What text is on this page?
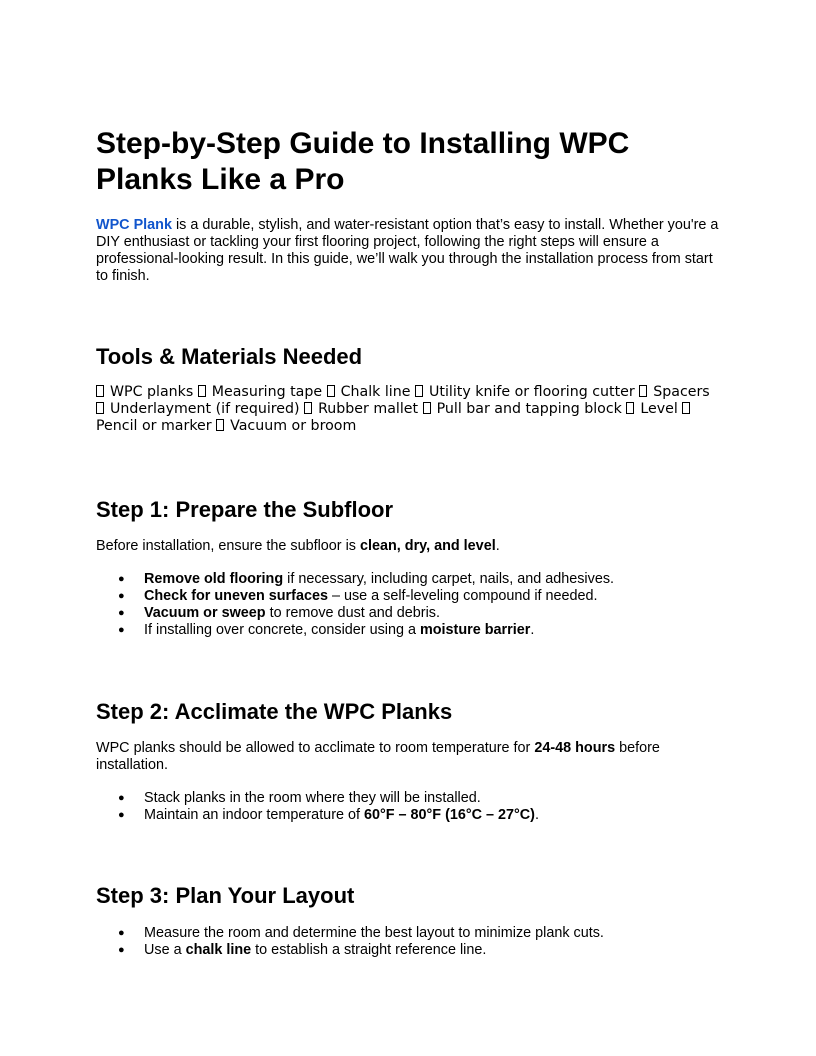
Step-by-Step Guide to Installing WPC Planks Like a Pro

WPC Plank is a durable, stylish, and water-resistant option that’s easy to install. Whether you're a DIY enthusiast or tackling your first flooring project, following the right steps will ensure a professional-looking result. In this guide, we’ll walk you through the installation process from start to finish.

Tools & Materials Needed

WPC planks Measuring tape Chalk line Utility knife or flooring cutter Spacers Underlayment (if required) Rubber mallet Pull bar and tapping block Level Pencil or marker Vacuum or broom

Step 1: Prepare the Subfloor

Before installation, ensure the subfloor is clean, dry, and level.

● Remove old flooring if necessary, including carpet, nails, and adhesives.
● Check for uneven surfaces – use a self-leveling compound if needed.
● Vacuum or sweep to remove dust and debris.
● If installing over concrete, consider using a moisture barrier.
Step 2: Acclimate the WPC Planks

WPC planks should be allowed to acclimate to room temperature for 24-48 hours before installation.

● Stack planks in the room where they will be installed.
● Maintain an indoor temperature of 60°F – 80°F (16°C – 27°C).
Step 3: Plan Your Layout
● Measure the room and determine the best layout to minimize plank cuts.
● Use a chalk line to establish a straight reference line.
